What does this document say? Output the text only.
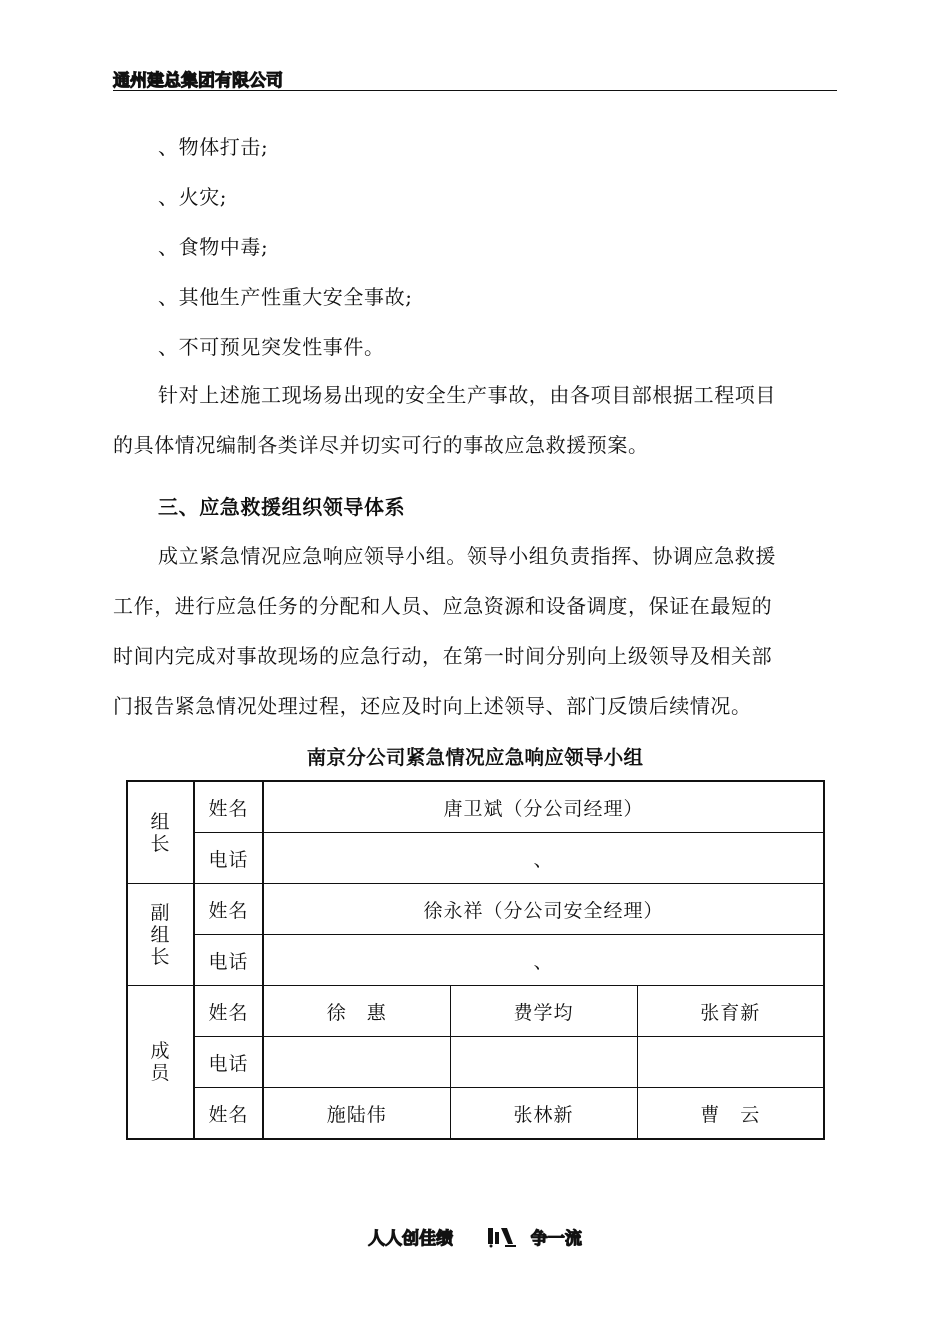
通州建总集团有限公司
、物体打击;
、火灾;
、食物中毒;
、其他生产性重大安全事故;
、不可预见突发性事件。
针对上述施工现场易出现的安全生产事故，由各项目部根据工程项目
的具体情况编制各类详尽并切实可行的事故应急救援预案。
三、应急救援组织领导体系
成立紧急情况应急响应领导小组。领导小组负责指挥、协调应急救援
工作，进行应急任务的分配和人员、应急资源和设备调度，保证在最短的
时间内完成对事故现场的应急行动，在第一时间分别向上级领导及相关部
门报告紧急情况处理过程，还应及时向上述领导、部门反馈后续情况。
南京分公司紧急情况应急响应领导小组
组长	姓名	唐卫斌（分公司经理）		
	电话	、		
副组长	姓名	徐永祥（分公司安全经理）		
	电话	、		
成员	姓名	徐　惠	费学均	张育新
	电话			
	姓名	施陆伟	张林新	曹　云
人人创佳绩	争一流
